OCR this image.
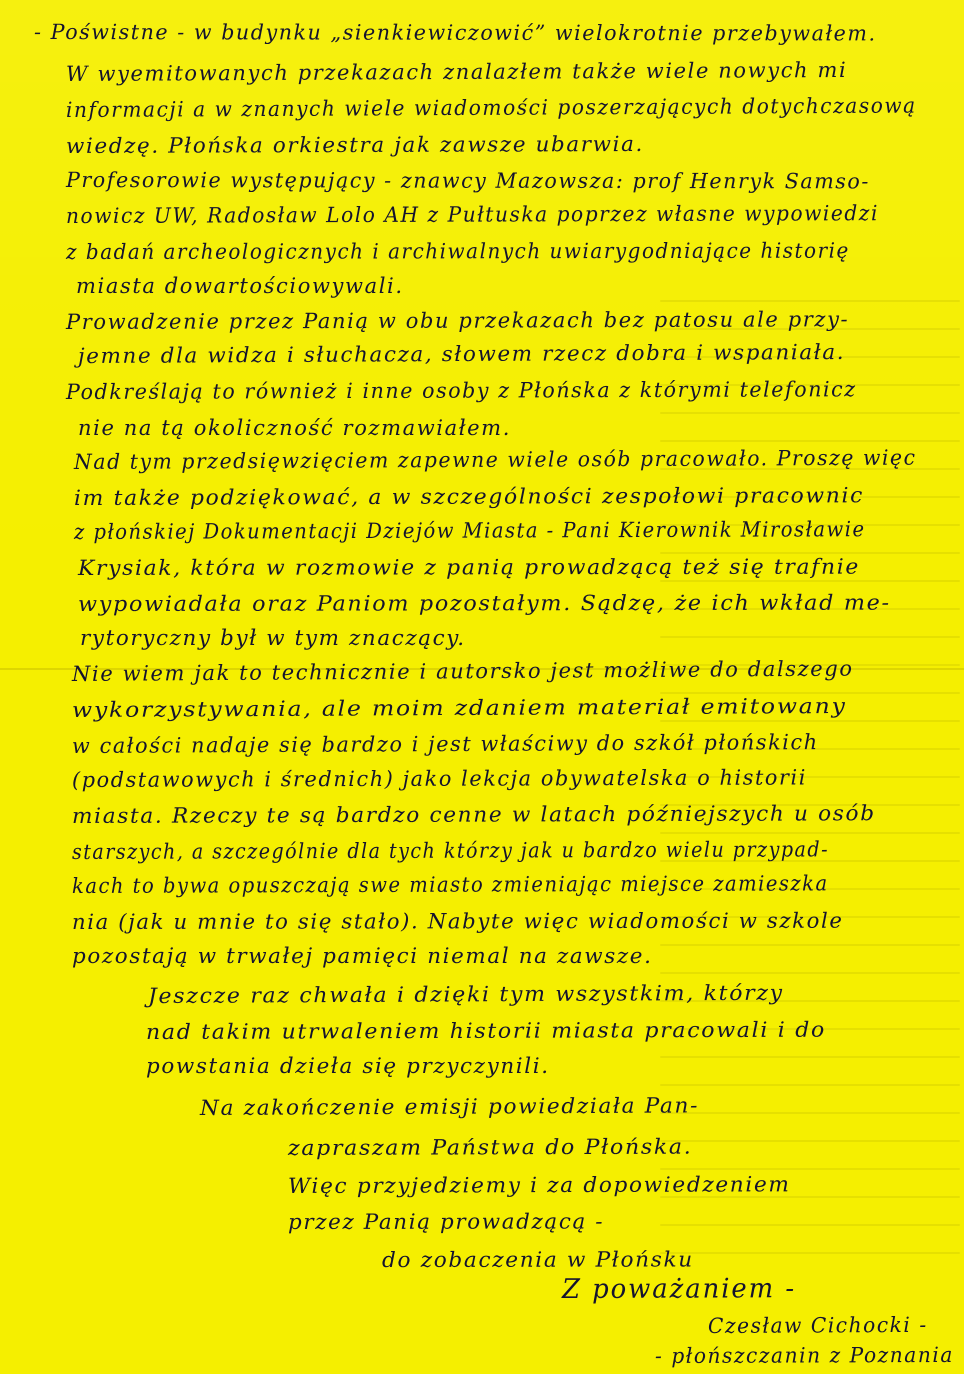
- Poświstne - w budynku „sienkiewiczowić” wielokrotnie przebywałem.
W wyemitowanych przekazach znalazłem także wiele nowych mi
informacji a w znanych wiele wiadomości poszerzających dotychczasową
wiedzę. Płońska orkiestra jak zawsze ubarwia.
Profesorowie występujący - znawcy Mazowsza: prof Henryk Samso-
nowicz UW, Radosław Lolo AH z Pułtuska poprzez własne wypowiedzi
z badań archeologicznych i archiwalnych uwiarygodniające historię
miasta dowartościowywali.
Prowadzenie przez Panią w obu przekazach bez patosu ale przy-
jemne dla widza i słuchacza, słowem rzecz dobra i wspaniała.
Podkreślają to również i inne osoby z Płońska z którymi telefonicz
nie na tą okoliczność rozmawiałem.
Nad tym przedsięwzięciem zapewne wiele osób pracowało. Proszę więc
im także podziękować, a w szczególności zespołowi pracownic
z płońskiej Dokumentacji Dziejów Miasta - Pani Kierownik Mirosławie
Krysiak, która w rozmowie z panią prowadzącą też się trafnie
wypowiadała oraz Paniom pozostałym. Sądzę, że ich wkład me-
rytoryczny był w tym znaczący.
Nie wiem jak to technicznie i autorsko jest możliwe do dalszego
wykorzystywania, ale moim zdaniem materiał emitowany
w całości nadaje się bardzo i jest właściwy do szkół płońskich
(podstawowych i średnich) jako lekcja obywatelska o historii
miasta. Rzeczy te są bardzo cenne w latach późniejszych u osób
starszych, a szczególnie dla tych którzy jak u bardzo wielu przypad-
kach to bywa opuszczają swe miasto zmieniając miejsce zamieszka
nia (jak u mnie to się stało). Nabyte więc wiadomości w szkole
pozostają w trwałej pamięci niemal na zawsze.
Jeszcze raz chwała i dzięki tym wszystkim, którzy
nad takim utrwaleniem historii miasta pracowali i do
powstania dzieła się przyczynili.
Na zakończenie emisji powiedziała Pan-
zapraszam Państwa do Płońska.
Więc przyjedziemy i za dopowiedzeniem
przez Panią prowadzącą -
do zobaczenia w Płońsku
Z poważaniem -
Czesław Cichocki -
- płońszczanin z Poznania
